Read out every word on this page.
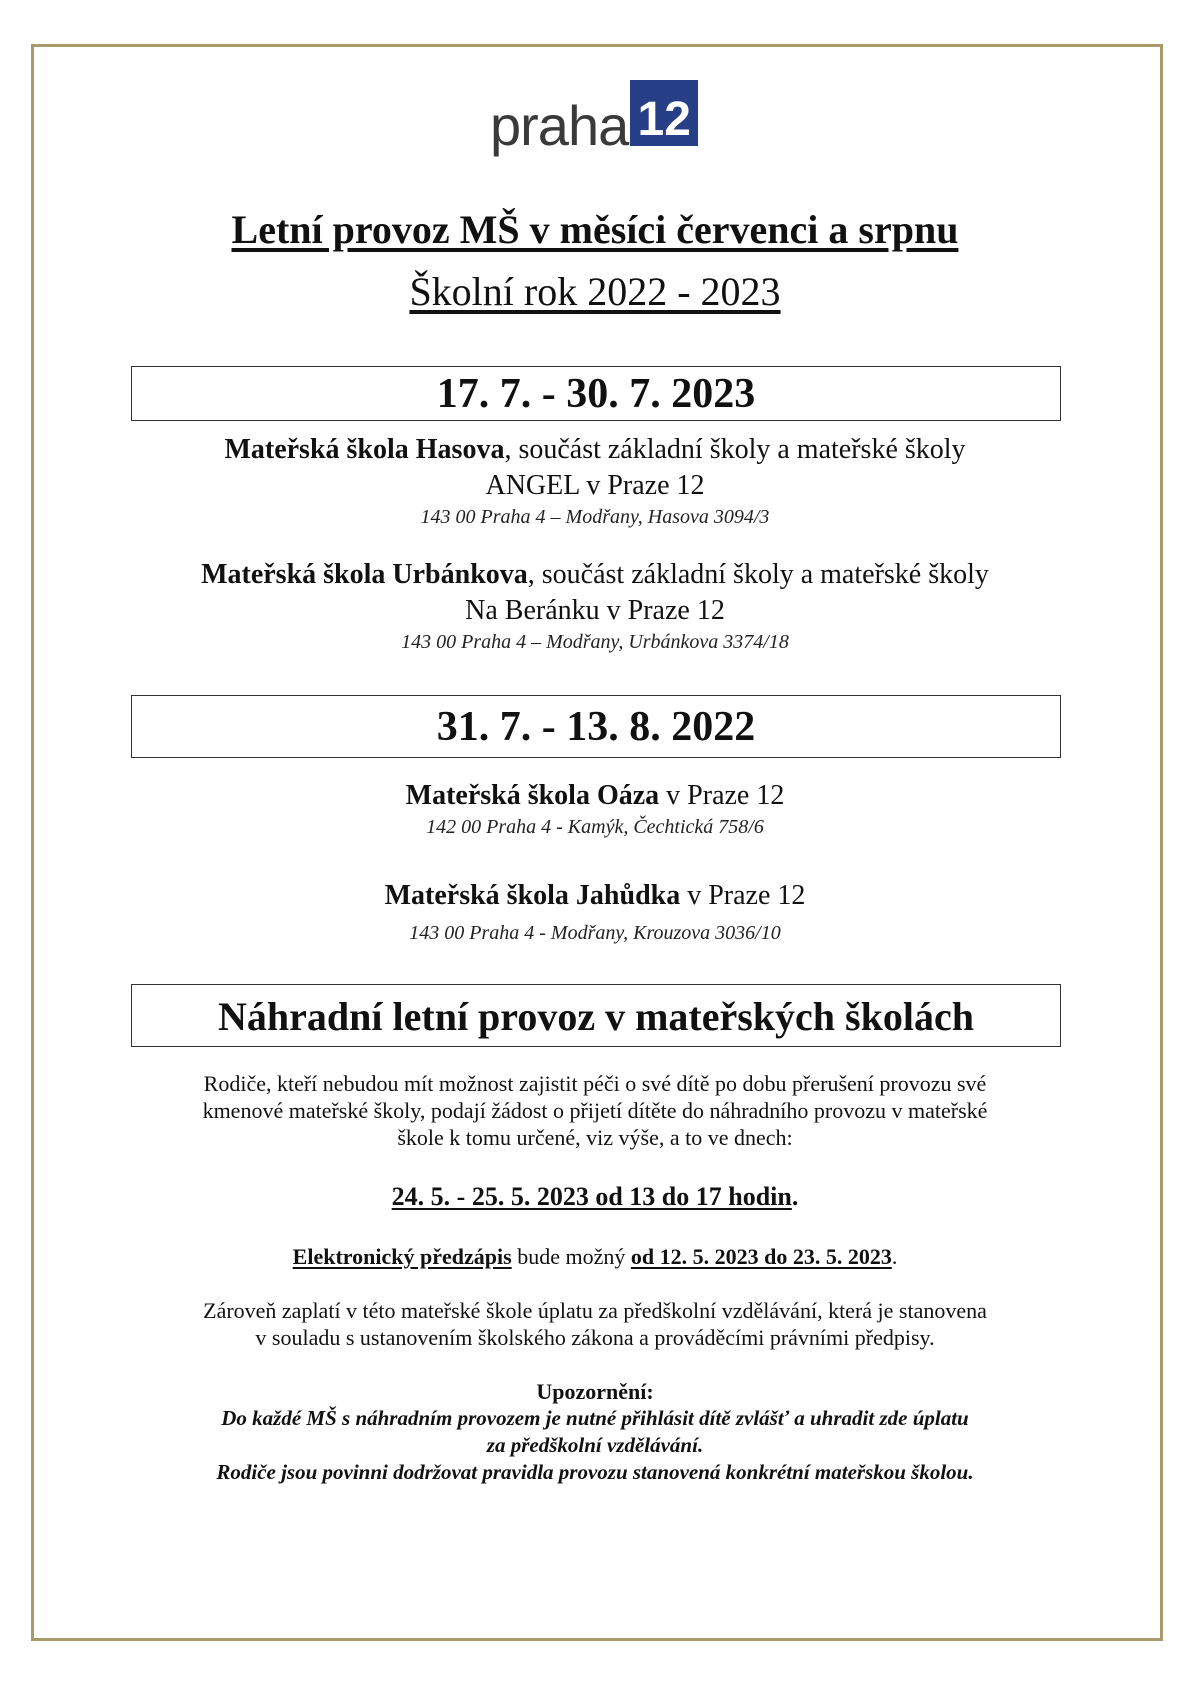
praha 12
Letní provoz MŠ v měsíci červenci a srpnu
Školní rok 2022 - 2023
17. 7. - 30. 7. 2023
Mateřská škola Hasova, součást základní školy a mateřské školy
ANGEL v Praze 12
143 00 Praha 4 – Modřany, Hasova 3094/3
Mateřská škola Urbánkova, součást základní školy a mateřské školy
Na Beránku v Praze 12
143 00 Praha 4 – Modřany, Urbánkova 3374/18
31. 7. - 13. 8. 2022
Mateřská škola Oáza v Praze 12
142 00 Praha 4 - Kamýk, Čechtická 758/6
Mateřská škola Jahůdka v Praze 12
143 00 Praha 4 - Modřany, Krouzova 3036/10
Náhradní letní provoz v mateřských školách
Rodiče, kteří nebudou mít možnost zajistit péči o své dítě po dobu přerušení provozu své
kmenové mateřské školy, podají žádost o přijetí dítěte do náhradního provozu v mateřské
škole k tomu určené, viz výše, a to ve dnech:
24. 5. - 25. 5. 2023 od 13 do 17 hodin.
Elektronický předzápis bude možný od 12. 5. 2023 do 23. 5. 2023.
Zároveň zaplatí v této mateřské škole úplatu za předškolní vzdělávání, která je stanovena
v souladu s ustanovením školského zákona a prováděcími právními předpisy.
Upozornění:
Do každé MŠ s náhradním provozem je nutné přihlásit dítě zvlášť a uhradit zde úplatu
za předškolní vzdělávání.
Rodiče jsou povinni dodržovat pravidla provozu stanovená konkrétní mateřskou školou.
